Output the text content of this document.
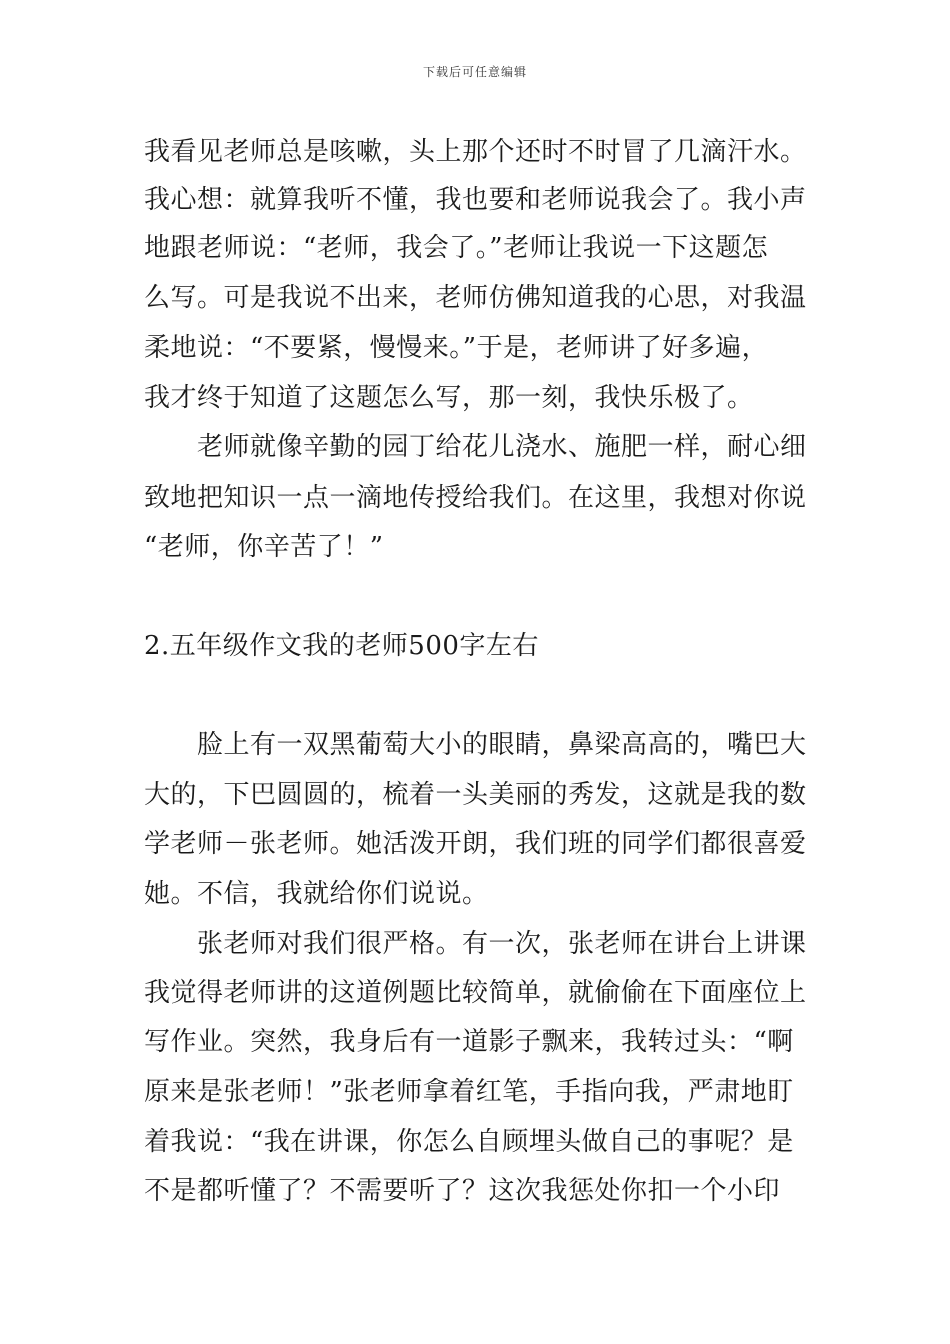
下载后可任意编辑
我看见老师总是咳嗽，头上那个还时不时冒了几滴汗水。
我心想：就算我听不懂，我也要和老师说我会了。我小声
地跟老师说：“老师，我会了。”老师让我说一下这题怎
么写。可是我说不出来，老师仿佛知道我的心思，对我温
柔地说：“不要紧，慢慢来。”于是，老师讲了好多遍，
我才终于知道了这题怎么写，那一刻，我快乐极了。
　　老师就像辛勤的园丁给花儿浇水、施肥一样，耐心细
致地把知识一点一滴地传授给我们。在这里，我想对你说
“老师，你辛苦了！”
2.五年级作文我的老师500字左右
　　脸上有一双黑葡萄大小的眼睛，鼻梁高高的，嘴巴大
大的，下巴圆圆的，梳着一头美丽的秀发，这就是我的数
学老师－张老师。她活泼开朗，我们班的同学们都很喜爱
她。不信，我就给你们说说。
　　张老师对我们很严格。有一次，张老师在讲台上讲课
我觉得老师讲的这道例题比较简单，就偷偷在下面座位上
写作业。突然，我身后有一道影子飘来，我转过头：“啊
原来是张老师！”张老师拿着红笔，手指向我，严肃地盯
着我说：“我在讲课，你怎么自顾埋头做自己的事呢？是
不是都听懂了？不需要听了？这次我惩处你扣一个小印
